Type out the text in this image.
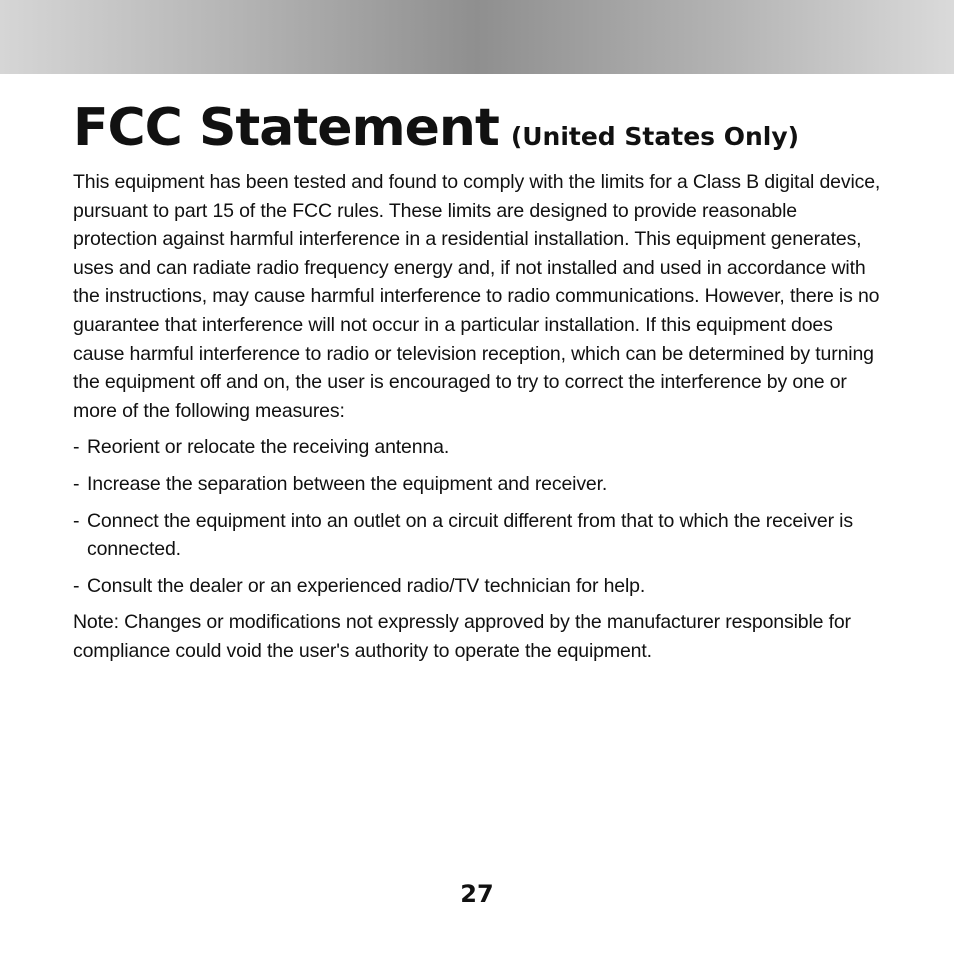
FCC Statement (United States Only)

This equipment has been tested and found to comply with the limits for a Class B digital device, pursuant to part 15 of the FCC rules. These limits are designed to provide reasonable protection against harmful interference in a residential installation. This equipment generates, uses and can radiate radio frequency energy and, if not installed and used in accordance with the instructions, may cause harmful interference to radio communications. However, there is no guarantee that interference will not occur in a particular installation. If this equipment does cause harmful interference to radio or television reception, which can be determined by turning the equipment off and on, the user is encouraged to try to correct the interference by one or more of the following measures:

- Reorient or relocate the receiving antenna.
- Increase the separation between the equipment and receiver.
- Connect the equipment into an outlet on a circuit different from that to which the receiver is connected.
- Consult the dealer or an experienced radio/TV technician for help.

Note: Changes or modifications not expressly approved by the manufacturer responsible for compliance could void the user's authority to operate the equipment.

27
